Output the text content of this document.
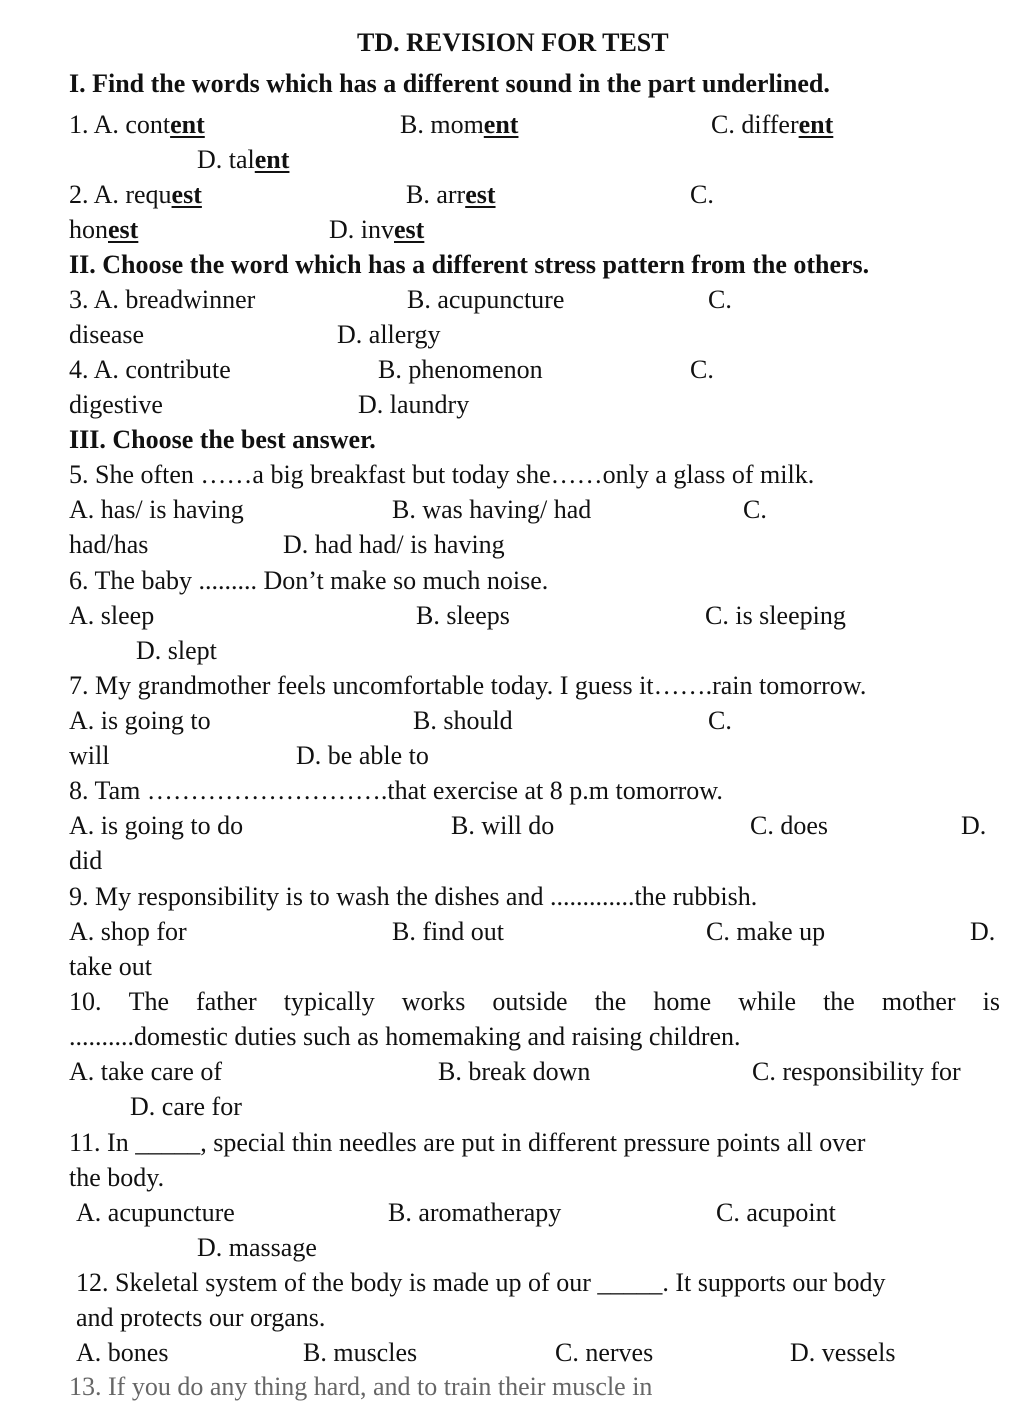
TD. REVISION FOR TEST
I. Find the words which has a different sound in the part underlined.
1. A. content	B. moment	C. different
D. talent
2. A. request	B. arrest	C.
honest	D. invest
II. Choose the word which has a different stress pattern from the others.
3. A. breadwinner	B. acupuncture	C.
disease	D. allergy
4. A. contribute	B. phenomenon	C.
digestive	D. laundry
III. Choose the best answer.
5. She often ……a big breakfast but today she……only a glass of milk.
A. has/ is having	B. was having/ had	C.
had/has	D. had had/ is having
6. The baby ......... Don’t make so much noise.
A. sleep	B. sleeps	C. is sleeping
D. slept
7. My grandmother feels uncomfortable today. I guess it…….rain tomorrow.
A. is going to	B. should	C.
will	D. be able to
8. Tam ……………………….that exercise at 8 p.m tomorrow.
A. is going to do	B. will do	C. does	D.
did
9. My responsibility is to wash the dishes and .............the rubbish.
A. shop for	B. find out	C. make up	D.
take out
10. The father typically works outside the home while the mother is
..........domestic duties such as homemaking and raising children.
A. take care of	B. break down	C. responsibility for
D. care for
11. In _____, special thin needles are put in different pressure points all over
the body.
A. acupuncture	B. aromatherapy	C. acupoint
D. massage
12. Skeletal system of the body is made up of our _____. It supports our body
and protects our organs.
A. bones	B. muscles	C. nerves	D. vessels
13. If you do any thing hard, and to train their muscle in
